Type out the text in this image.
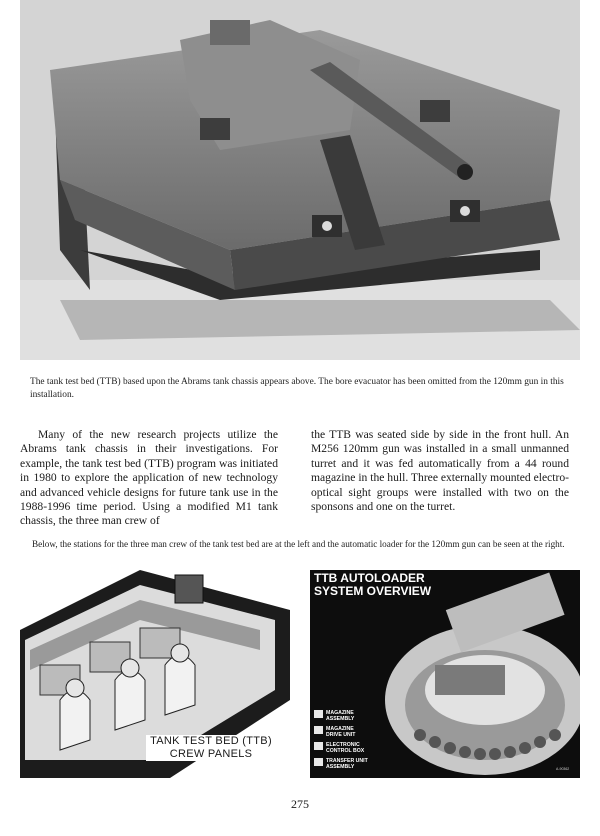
The tank test bed (TTB) based upon the Abrams tank chassis appears above. The bore evacuator has been omitted from the 120mm gun in this installation.

Many of the new research projects utilize the Abrams tank chassis in their investigations. For example, the tank test bed (TTB) program was initiated in 1980 to explore the application of new technology and advanced vehicle designs for future tank use in the 1988-1996 time period. Using a modified M1 tank chassis, the three man crew of

the TTB was seated side by side in the front hull. An M256 120mm gun was installed in a small unmanned turret and it was fed automatically from a 44 round magazine in the hull. Three externally mounted electro-optical sight groups were installed with two on the sponsons and one on the turret.

Below, the stations for the three man crew of the tank test bed are at the left and the automatic loader for the 120mm gun can be seen at the right.
TANK TEST BED (TTB)
CREW PANELS
TTB AUTOLOADER
SYSTEM OVERVIEW
MAGAZINE
ASSEMBLY
MAGAZINE
DRIVE UNIT
ELECTRONIC
CONTROL BOX
TRANSFER UNIT
ASSEMBLY	A-90362
275
